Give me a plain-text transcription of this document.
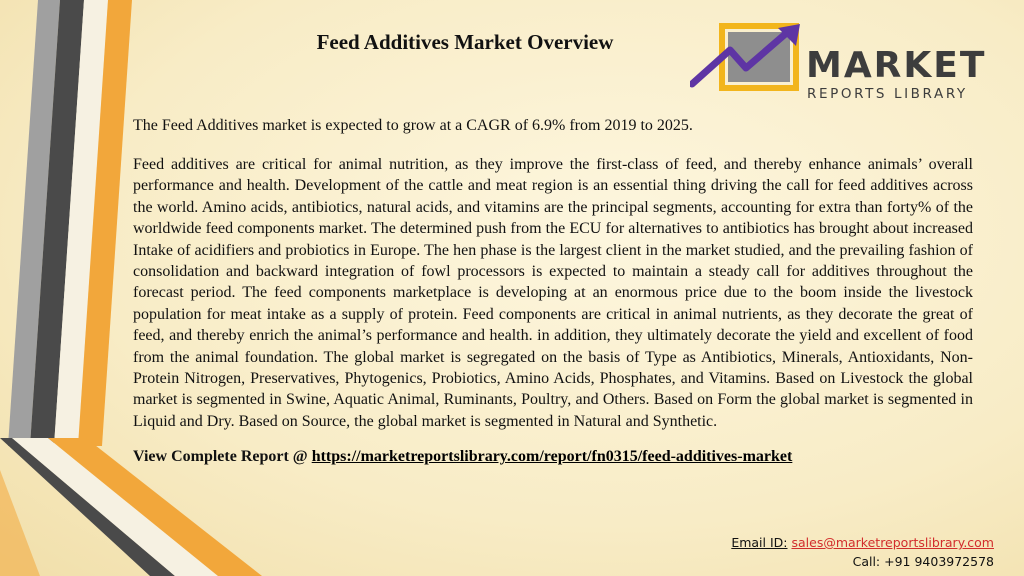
Feed Additives Market Overview
MARKET
REPORTS LIBRARY

The Feed Additives market is expected to grow at a CAGR of 6.9% from 2019 to 2025.

Feed additives are critical for animal nutrition, as they improve the first-class of feed, and thereby enhance animals’ overall performance and health. Development of the cattle and meat region is an essential thing driving the call for feed additives across the world. Amino acids, antibiotics, natural acids, and vitamins are the principal segments, accounting for extra than forty% of the worldwide feed components market. The determined push from the ECU for alternatives to antibiotics has brought about increased Intake of acidifiers and probiotics in Europe. The hen phase is the largest client in the market studied, and the prevailing fashion of consolidation and backward integration of fowl processors is expected to maintain a steady call for additives throughout the forecast period. The feed components marketplace is developing at an enormous price due to the boom inside the livestock population for meat intake as a supply of protein. Feed components are critical in animal nutrients, as they decorate the great of feed, and thereby enrich the animal’s performance and health. in addition, they ultimately decorate the yield and excellent of food from the animal foundation. The global market is segregated on the basis of Type as Antibiotics, Minerals, Antioxidants, Non-Protein Nitrogen, Preservatives, Phytogenics, Probiotics, Amino Acids, Phosphates, and Vitamins. Based on Livestock the global market is segmented in Swine, Aquatic Animal, Ruminants, Poultry, and Others. Based on Form the global market is segmented in Liquid and Dry. Based on Source, the global market is segmented in Natural and Synthetic.

View Complete Report @ https://marketreportslibrary.com/report/fn0315/feed-additives-market

Email ID: sales@marketreportslibrary.com
Call: +91 9403972578
